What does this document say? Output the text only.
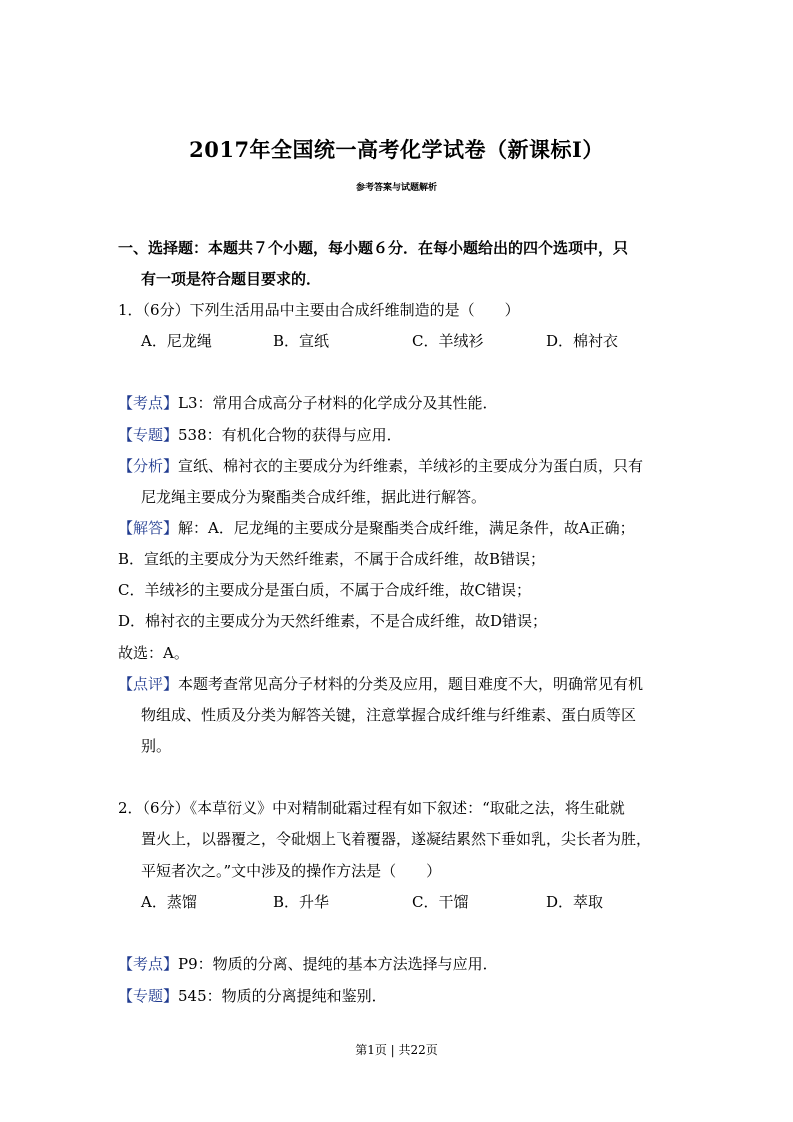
2017年全国统一高考化学试卷（新课标I）
参考答案与试题解析
一、选择题：本题共７个小题，每小题６分．在每小题给出的四个选项中，只
有一项是符合题目要求的．
1．（6分）下列生活用品中主要由合成纤维制造的是（　　）
A．尼龙绳	B．宣纸	C．羊绒衫	D．棉衬衣
【考点】L3：常用合成高分子材料的化学成分及其性能．
【专题】538：有机化合物的获得与应用．
【分析】宣纸、棉衬衣的主要成分为纤维素，羊绒衫的主要成分为蛋白质，只有
尼龙绳主要成分为聚酯类合成纤维，据此进行解答。
【解答】解：A．尼龙绳的主要成分是聚酯类合成纤维，满足条件，故A正确；
B．宣纸的主要成分为天然纤维素，不属于合成纤维，故B错误；
C．羊绒衫的主要成分是蛋白质，不属于合成纤维，故C错误；
D．棉衬衣的主要成分为天然纤维素，不是合成纤维，故D错误；
故选：A。
【点评】本题考查常见高分子材料的分类及应用，题目难度不大，明确常见有机
物组成、性质及分类为解答关键，注意掌握合成纤维与纤维素、蛋白质等区
别。
2．（6分）《本草衍义》中对精制砒霜过程有如下叙述：“取砒之法，将生砒就
置火上，以器覆之，令砒烟上飞着覆器，遂凝结累然下垂如乳，尖长者为胜，
平短者次之。”文中涉及的操作方法是（　　）
A．蒸馏	B．升华	C．干馏	D．萃取
【考点】P9：物质的分离、提纯的基本方法选择与应用．
【专题】545：物质的分离提纯和鉴别．
第1页 | 共22页
